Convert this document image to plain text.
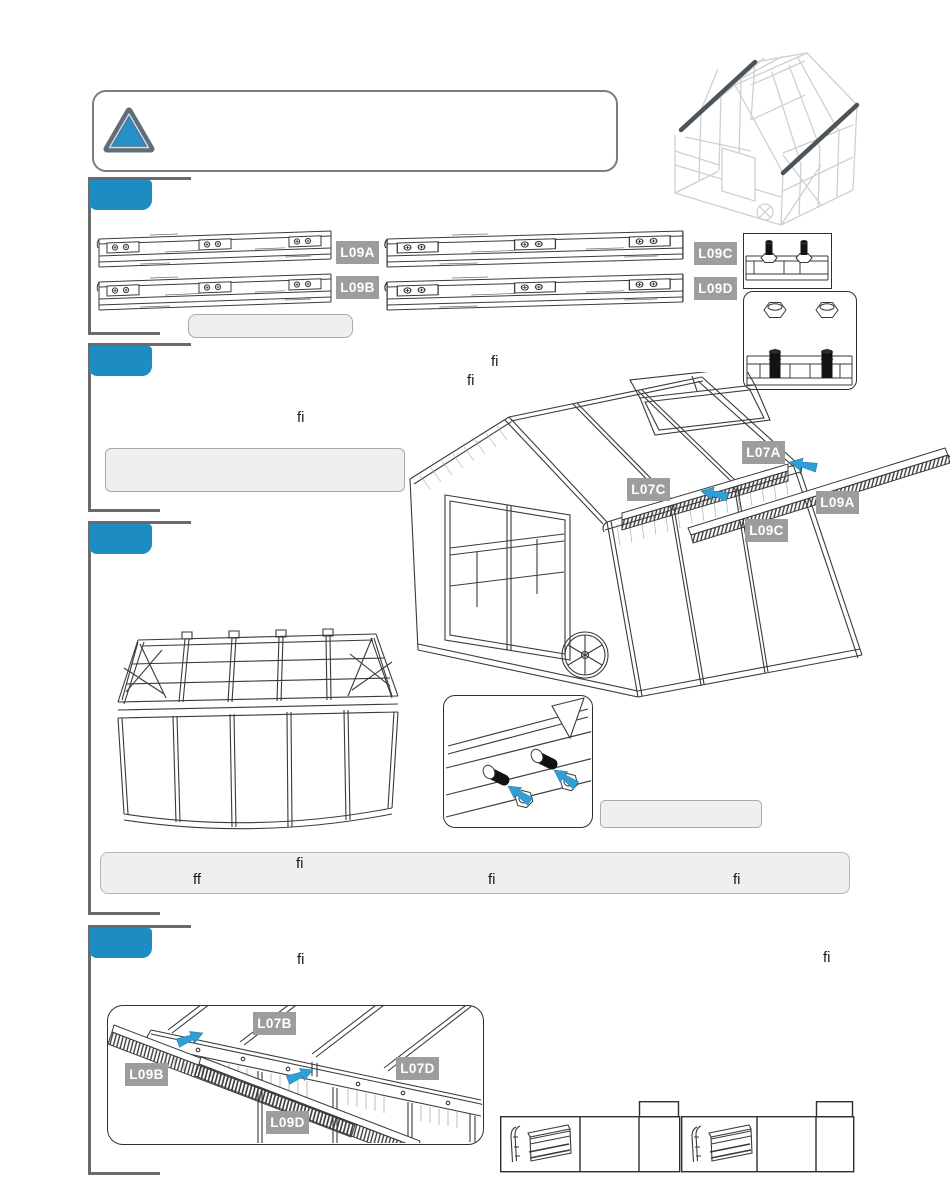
L09A
L09B
L09C
L09D
fi
fi
fi
L07A
L07C
L09A
L09C
fi
ff	fi	fi
fi	fi
L07B
L09B	L07D
L09D
